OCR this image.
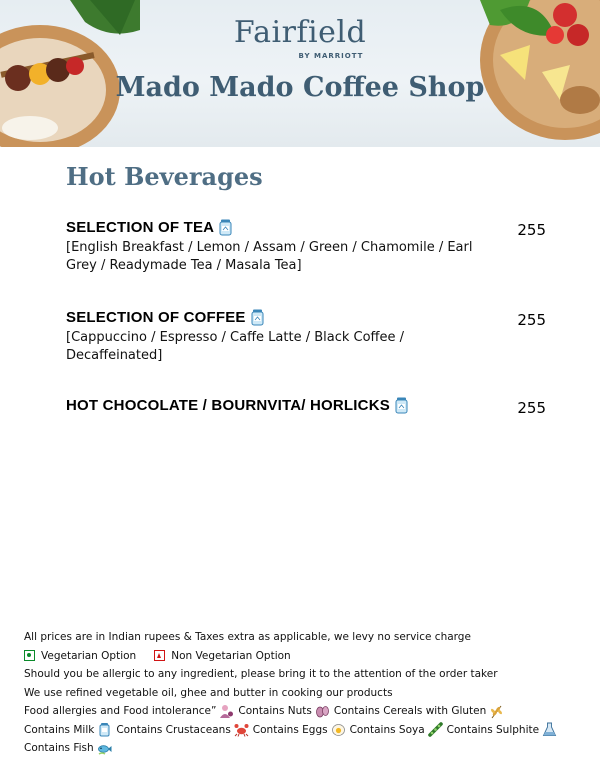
Fairfield
BY MARRIOTT
Mado Mado Coffee Shop
Hot Beverages
SELECTION OF TEA
[English Breakfast / Lemon / Assam / Green / Chamomile / Earl Grey / Readymade Tea / Masala Tea]
255
SELECTION OF COFFEE
[Cappuccino / Espresso / Caffe Latte / Black Coffee / Decaffeinated]
255
HOT CHOCOLATE / BOURNVITA/ HORLICKS	255
All prices are in Indian rupees & Taxes extra as applicable, we levy no service charge
Vegetarian Option	Non Vegetarian Option
Should you be allergic to any ingredient, please bring it to the attention of the order taker
We use refined vegetable oil, ghee and butter in cooking our products
Food allergies and Food intolerance” Contains Nuts Contains Cereals with Gluten
Contains Milk Contains Crustaceans Contains Eggs Contains Soya Contains Sulphite
Contains Fish
